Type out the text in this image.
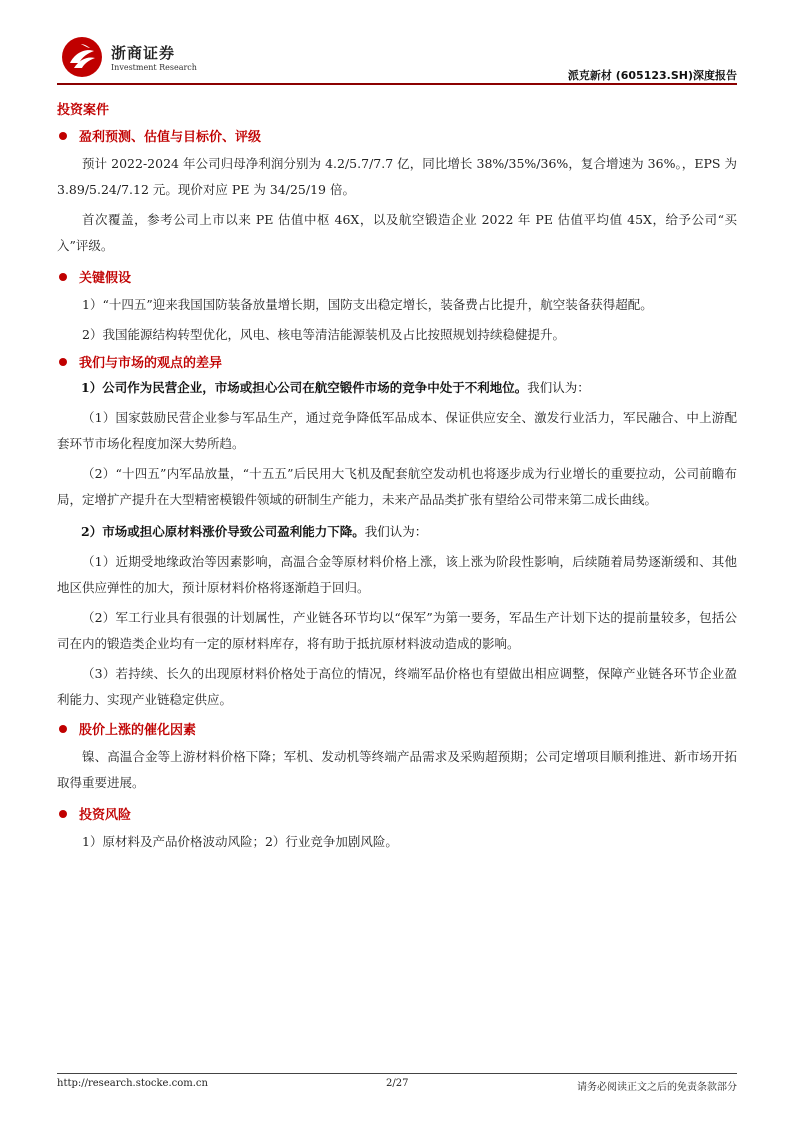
浙商证券
Investment Research
派克新材 (605123.SH)深度报告
投资案件
盈利预测、估值与目标价、评级

预计 2022-2024 年公司归母净利润分别为 4.2/5.7/7.7 亿，同比增长 38%/35%/36%，复合增速为 36%。，EPS 为 3.89/5.24/7.12 元。现价对应 PE 为 34/25/19 倍。

首次覆盖，参考公司上市以来 PE 估值中枢 46X，以及航空锻造企业 2022 年 PE 估值平均值 45X，给予公司“买入”评级。

关键假设

1）“十四五”迎来我国国防装备放量增长期，国防支出稳定增长，装备费占比提升，航空装备获得超配。

2）我国能源结构转型优化，风电、核电等清洁能源装机及占比按照规划持续稳健提升。

我们与市场的观点的差异
1）公司作为民营企业，市场或担心公司在航空锻件市场的竞争中处于不利地位。我们认为：

（1）国家鼓励民营企业参与军品生产，通过竞争降低军品成本、保证供应安全、激发行业活力，军民融合、中上游配套环节市场化程度加深大势所趋。

（2）“十四五”内军品放量，“十五五”后民用大飞机及配套航空发动机也将逐步成为行业增长的重要拉动，公司前瞻布局，定增扩产提升在大型精密模锻件领域的研制生产能力，未来产品品类扩张有望给公司带来第二成长曲线。

2）市场或担心原材料涨价导致公司盈利能力下降。我们认为：

（1）近期受地缘政治等因素影响，高温合金等原材料价格上涨，该上涨为阶段性影响，后续随着局势逐渐缓和、其他地区供应弹性的加大，预计原材料价格将逐渐趋于回归。

（2）军工行业具有很强的计划属性，产业链各环节均以“保军”为第一要务，军品生产计划下达的提前量较多，包括公司在内的锻造类企业均有一定的原材料库存，将有助于抵抗原材料波动造成的影响。

（3）若持续、长久的出现原材料价格处于高位的情况，终端军品价格也有望做出相应调整，保障产业链各环节企业盈利能力、实现产业链稳定供应。

股价上涨的催化因素

镍、高温合金等上游材料价格下降；军机、发动机等终端产品需求及采购超预期；公司定增项目顺利推进、新市场开拓取得重要进展。

投资风险

1）原材料及产品价格波动风险；2）行业竞争加剧风险。

http://research.stocke.com.cn	2/27	请务必阅读正文之后的免责条款部分
